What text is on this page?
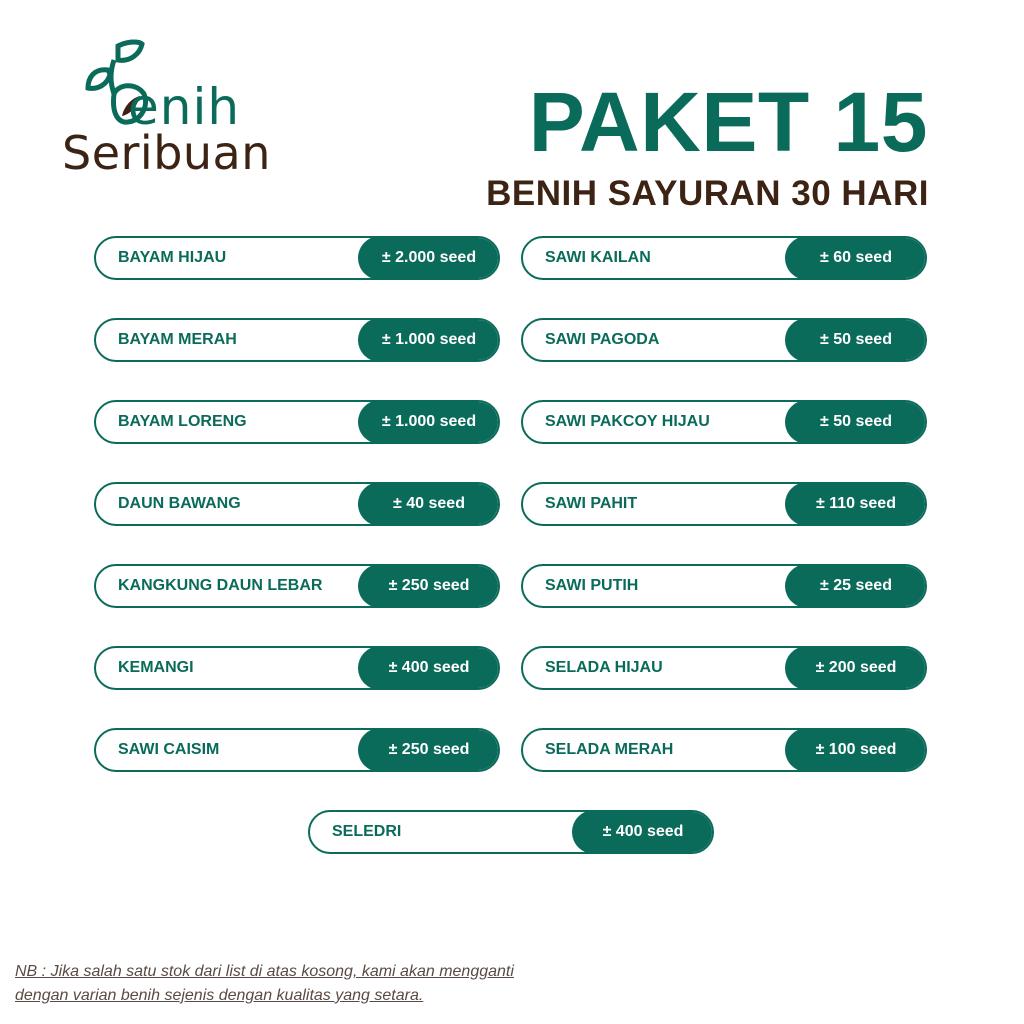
enih
Seribuan	PAKET 15
BENIH SAYURAN 30 HARI
BAYAM HIJAU	± 2.000 seed	SAWI KAILAN	± 60 seed
BAYAM MERAH	± 1.000 seed	SAWI PAGODA	± 50 seed
BAYAM LORENG	± 1.000 seed	SAWI PAKCOY HIJAU	± 50 seed
DAUN BAWANG	± 40 seed	SAWI PAHIT	± 110 seed
KANGKUNG DAUN LEBAR	± 250 seed	SAWI PUTIH	± 25 seed
KEMANGI	± 400 seed	SELADA HIJAU	± 200 seed
SAWI CAISIM	± 250 seed	SELADA MERAH	± 100 seed
SELEDRI	± 400 seed
NB : Jika salah satu stok dari list di atas kosong, kami akan mengganti
dengan varian benih sejenis dengan kualitas yang setara.
